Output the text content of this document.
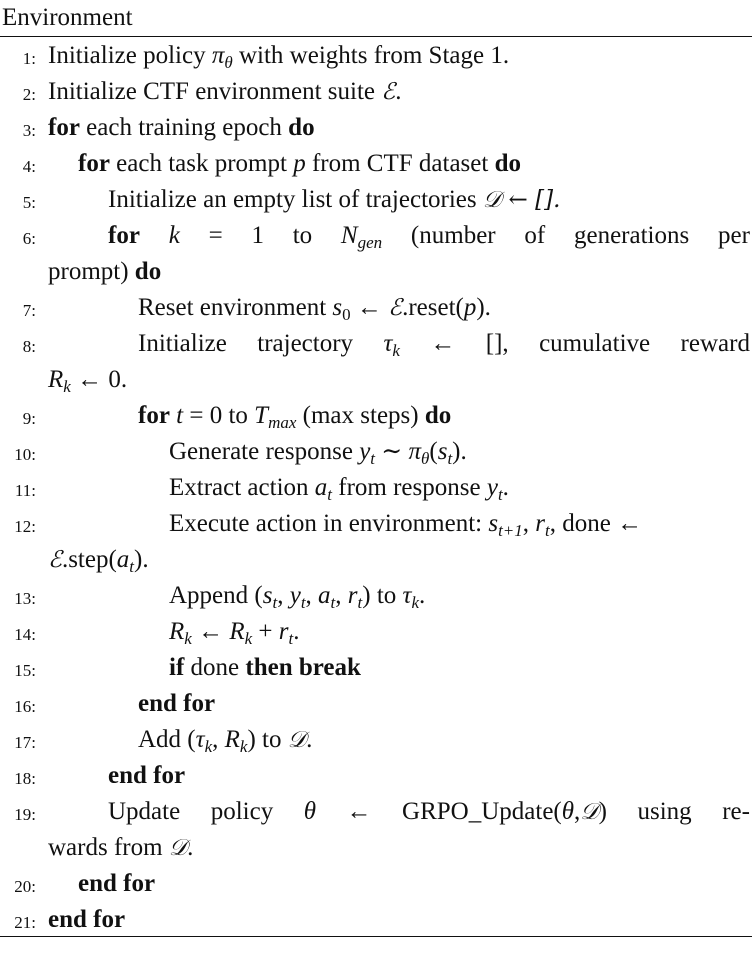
Environment
1: Initialize policy $\pi_\theta$ with weights from Stage 1.
2: Initialize CTF environment suite ℰ.
3: for each training epoch do
4: for each task prompt p from CTF dataset do
5:	Initialize an empty list of trajectories 𝒟 ← [].
6:	for k = 1 to $N_{gen}$ (number of generations per
prompt) do
7:	Reset environment $s_0$ ← ℰ.reset(p).
8:	Initialize trajectory $\tau_k$ ← [], cumulative reward
$R_k$ ← 0.
9:	for t = 0 to $T_{max}$ (max steps) do
10:	Generate response $y_t$ ∼ $\pi_\theta(s_t)$.
11:	Extract action $a_t$ from response $y_t$.
12:	Execute action in environment: $s_{t+1}$, $r_t$, done ←
$ℰ.step(a_t)$.
13:	Append ($s_t$, $y_t$, $a_t$, $r_t$) to $\tau_k$.
14:	$R_k$ ← $R_k + r_t$.
15:	if done then break
16:	end for
17:	Add ($\tau_k$, $R_k$) to 𝒟.
18:	end for
19:	Update policy θ ← GRPO_Update(θ,𝒟) using re-
wards from 𝒟.
20: end for
21: end for
